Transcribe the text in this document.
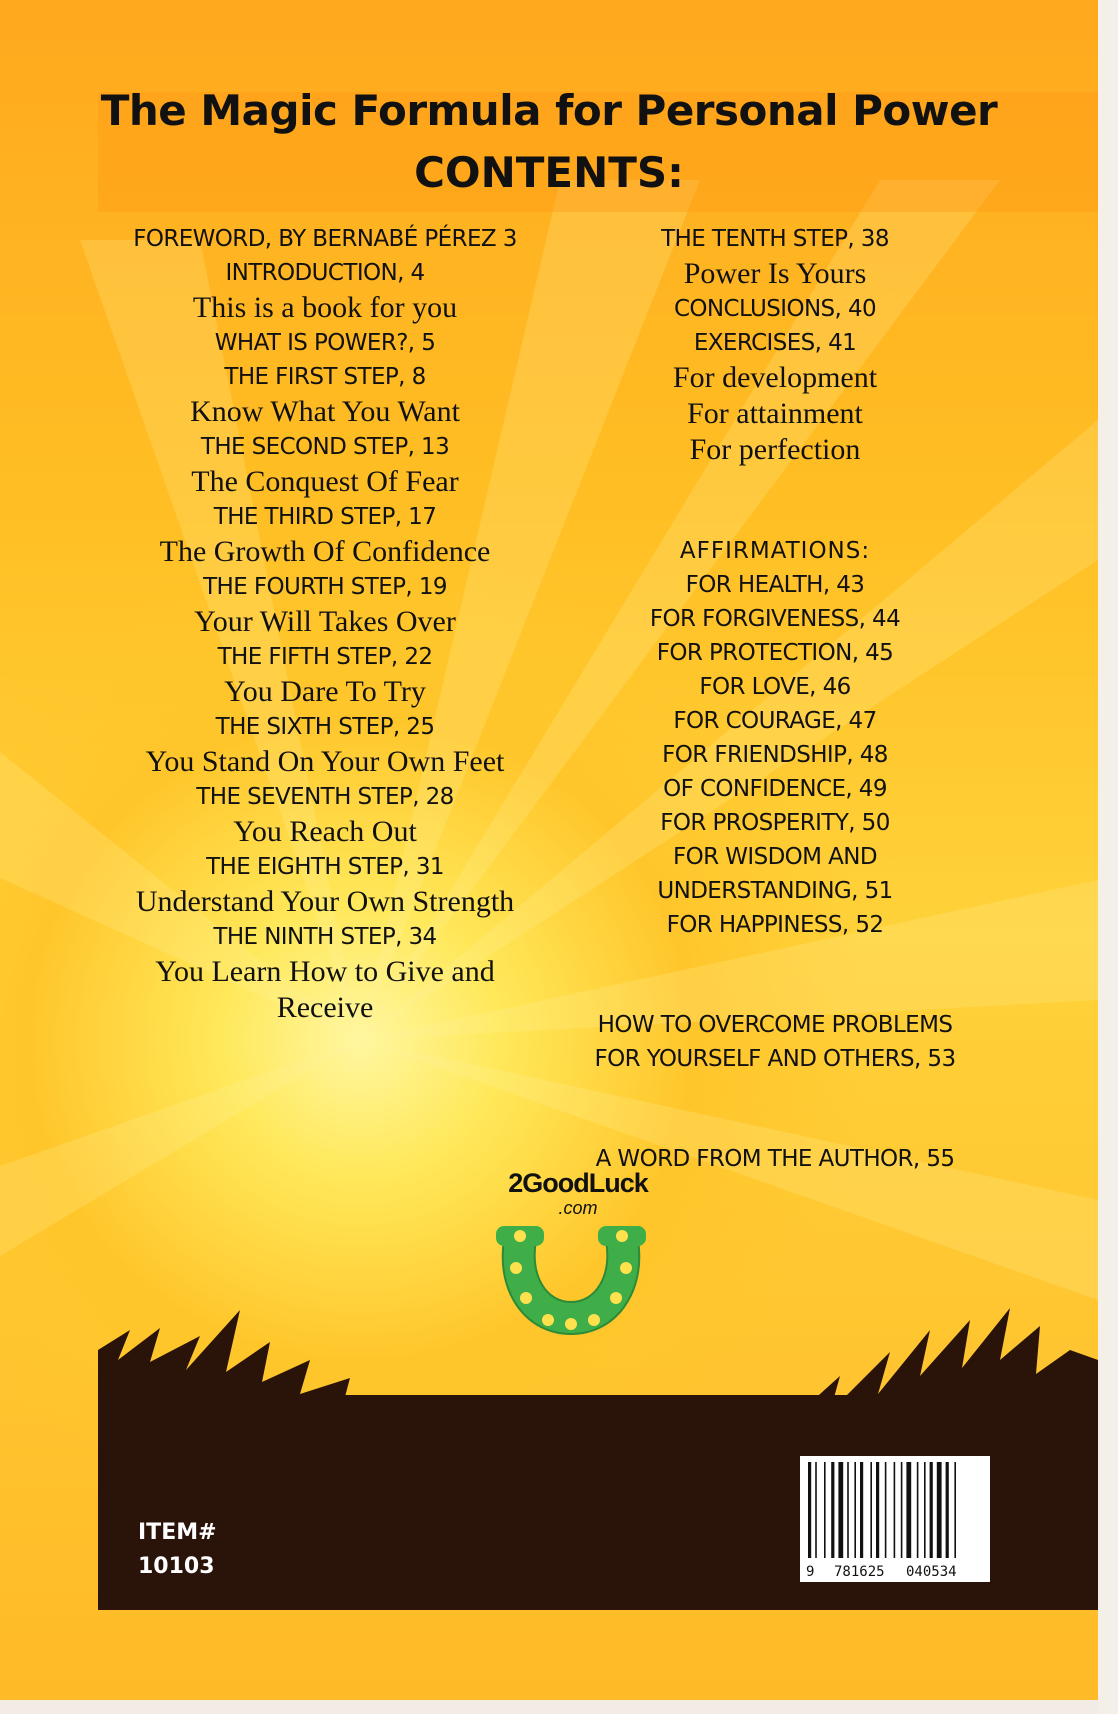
The Magic Formula for Personal Power
CONTENTS:

FOREWORD, BY BERNABÉ PÉREZ 3

INTRODUCTION, 4

This is a book for you

WHAT IS POWER?, 5

THE FIRST STEP, 8

Know What You Want

THE SECOND STEP, 13

The Conquest Of Fear

THE THIRD STEP, 17

The Growth Of Confidence

THE FOURTH STEP, 19

Your Will Takes Over

THE FIFTH STEP, 22

You Dare To Try

THE SIXTH STEP, 25

You Stand On Your Own Feet

THE SEVENTH STEP, 28

You Reach Out

THE EIGHTH STEP, 31

Understand Your Own Strength

THE NINTH STEP, 34

You Learn How to Give and

Receive

THE TENTH STEP, 38

Power Is Yours

CONCLUSIONS, 40

EXERCISES, 41

For development

For attainment

For perfection

AFFIRMATIONS:

FOR HEALTH, 43

FOR FORGIVENESS, 44

FOR PROTECTION, 45

FOR LOVE, 46

FOR COURAGE, 47

FOR FRIENDSHIP, 48

OF CONFIDENCE, 49

FOR PROSPERITY, 50

FOR WISDOM AND

UNDERSTANDING, 51

FOR HAPPINESS, 52

HOW TO OVERCOME PROBLEMS

FOR YOURSELF AND OTHERS, 53

A WORD FROM THE AUTHOR, 55

2GoodLuck

.com

ITEM#
10103	9 781625 040534
